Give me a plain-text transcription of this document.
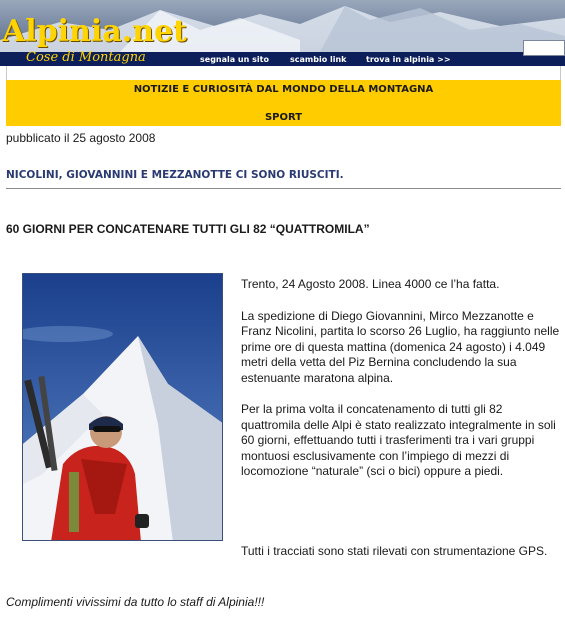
Alpinia.net
Cose di Montagna	segnala un sito	scambio link trova in alpinia >>
NOTIZIE E CURIOSITÀ DAL MONDO DELLA MONTAGNA
SPORT
pubblicato il 25 agosto 2008
NICOLINI, GIOVANNINI E MEZZANOTTE CI SONO RIUSCITI.
60 GIORNI PER CONCATENARE TUTTI GLI 82 “QUATTROMILA”

Trento, 24 Agosto 2008. Linea 4000 ce l’ha fatta.

La spedizione di Diego Giovannini, Mirco Mezzanotte e Franz Nicolini, partita lo scorso 26 Luglio, ha raggiunto nelle prime ore di questa mattina (domenica 24 agosto) i 4.049 metri della vetta del Piz Bernina concludendo la sua estenuante maratona alpina.

Per la prima volta il concatenamento di tutti gli 82 quattromila delle Alpi è stato realizzato integralmente in soli 60 giorni, effettuando tutti i trasferimenti tra i vari gruppi montuosi esclusivamente con l’impiego di mezzi di locomozione “naturale” (sci o bici) oppure a piedi.

Tutti i tracciati sono stati rilevati con strumentazione GPS.
Complimenti vivissimi da tutto lo staff di Alpinia!!!
